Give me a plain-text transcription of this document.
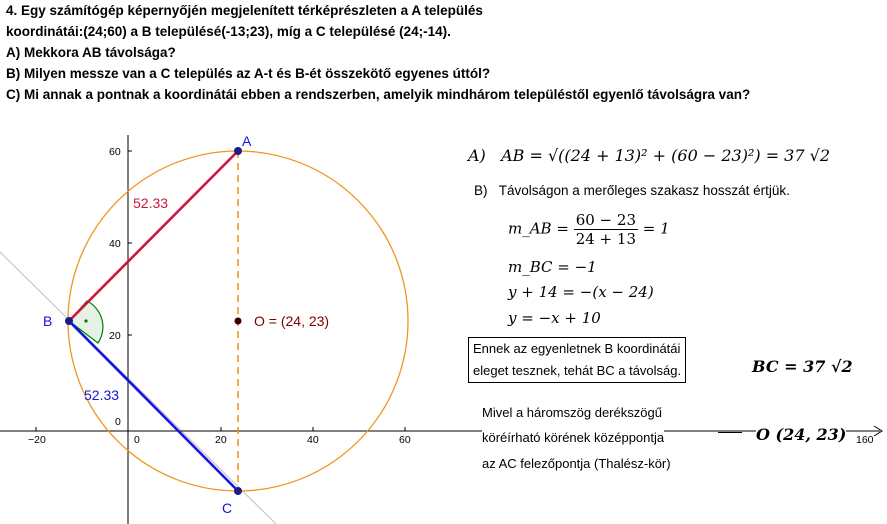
4. Egy számítógép képernyőjén megjelenített térképrészleten a A település
koordinátái:(24;60) a B településé(-13;23), míg a C településé (24;-14).
A) Mekkora AB távolsága?
B) Milyen messze van a C település az A-t és B-ét összekötő egyenes úttól?
C) Mi annak a pontnak a koordinátái ebben a rendszerben, amelyik mindhárom településtől egyenlő távolságra van?
−20	0	20	40	60	160
60
40
20
0
A
B
C
O = (24, 23)
52.33
52.33
A) AB = √((24 + 13)² + (60 − 23)²) = 37 √2
B) Távolságon a merőleges szakasz hosszát értjük.
m_AB = $\frac{60 - 23}{24 + 13} = 1$
m_BC = −1
y + 14 = −(x − 24)
y = −x + 10
Ennek az egyenletnek B koordinátái
eleget tesznek, tehát BC a távolság.	BC = 37 √2
Mivel a háromszög derékszögű
köréírható körének középpontja
az AC felezőpontja (Thalész-kör)
O (24, 23)
